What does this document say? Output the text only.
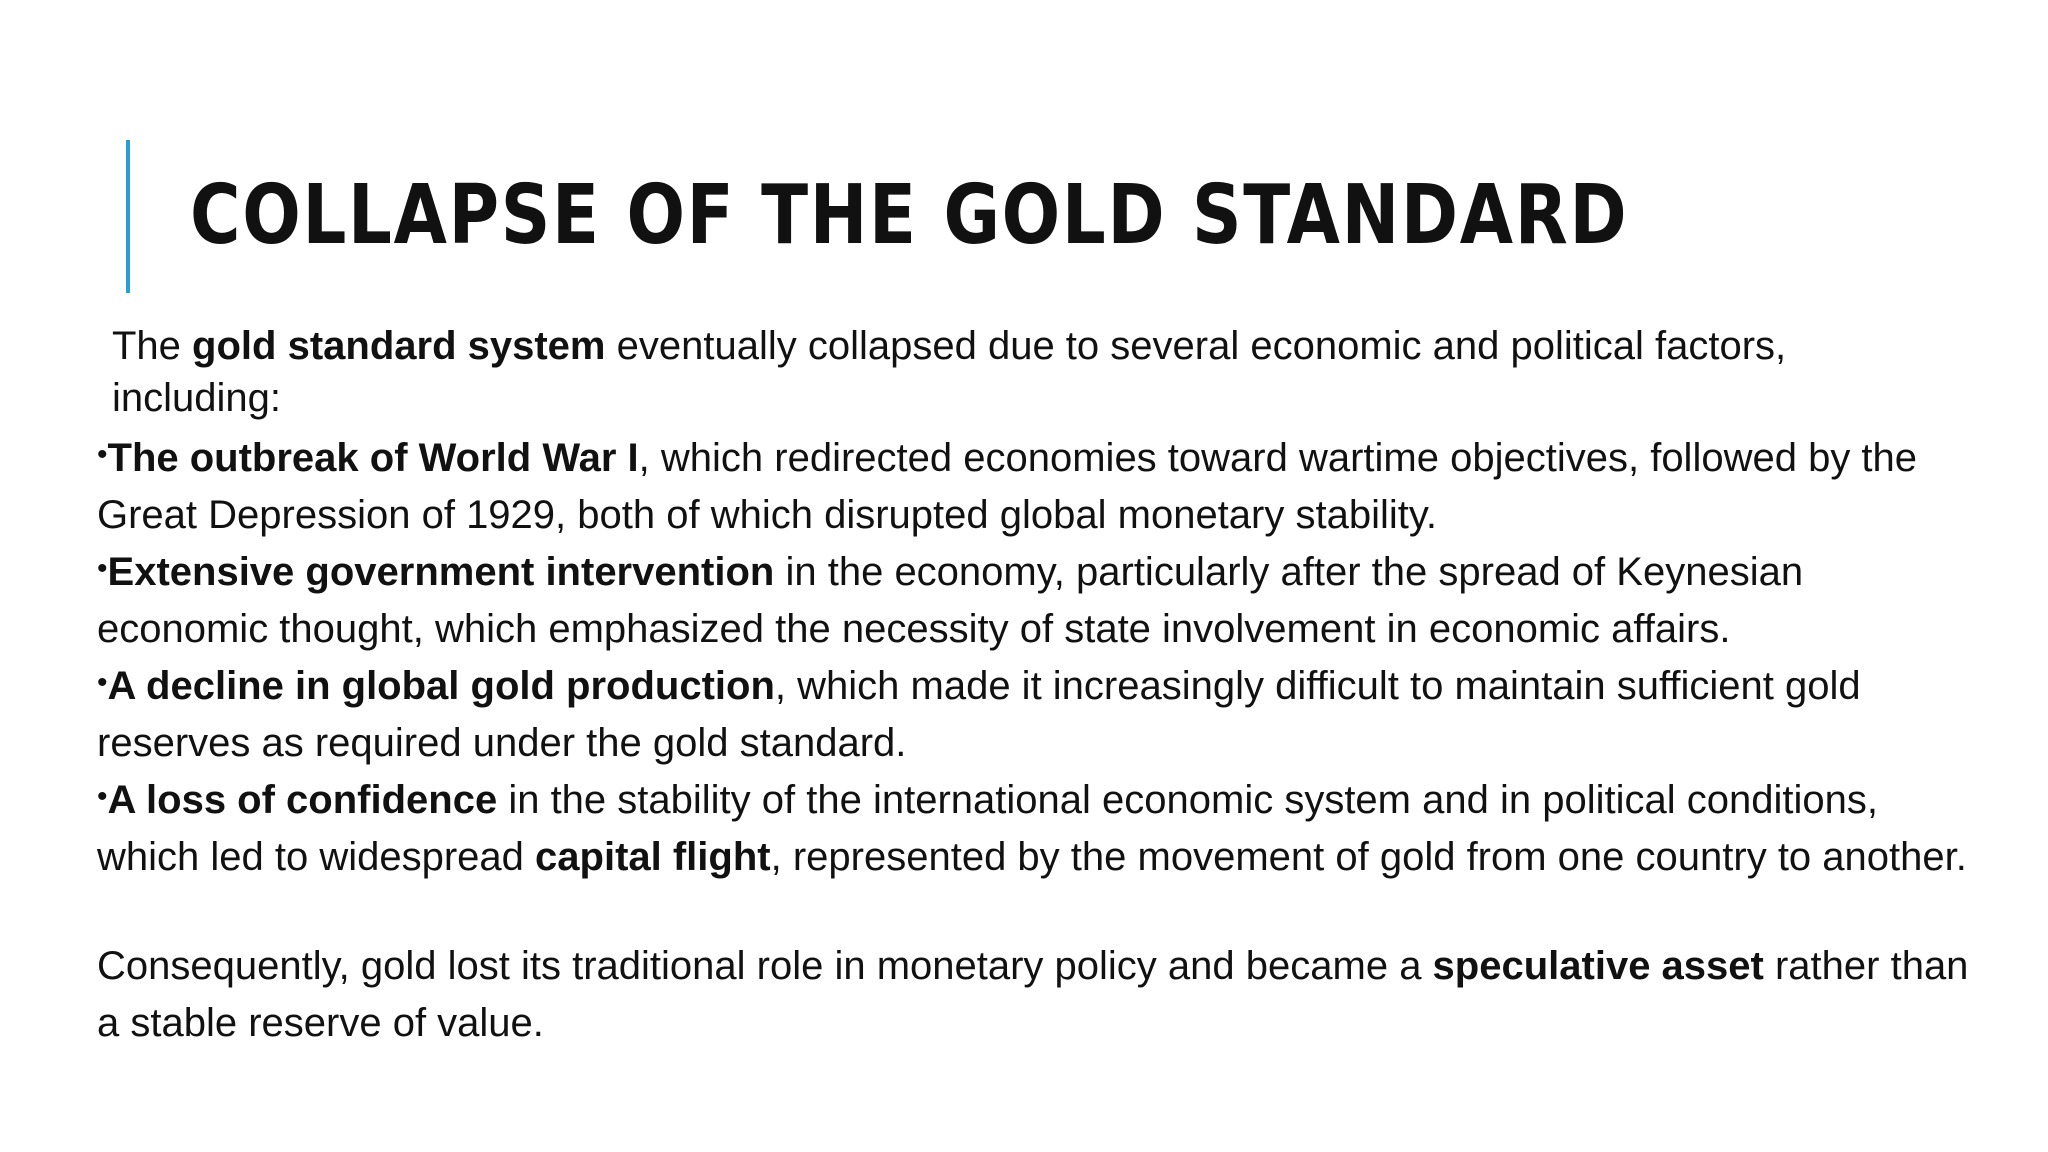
COLLAPSE OF THE GOLD STANDARD

The gold standard system eventually collapsed due to several economic and political factors, including:

•The outbreak of World War I, which redirected economies toward wartime objectives, followed by the Great Depression of 1929, both of which disrupted global monetary stability.
•Extensive government intervention in the economy, particularly after the spread of Keynesian economic thought, which emphasized the necessity of state involvement in economic affairs.
•A decline in global gold production, which made it increasingly difficult to maintain sufficient gold reserves as required under the gold standard.
•A loss of confidence in the stability of the international economic system and in political conditions, which led to widespread capital flight, represented by the movement of gold from one country to another.

Consequently, gold lost its traditional role in monetary policy and became a speculative asset rather than a stable reserve of value.
